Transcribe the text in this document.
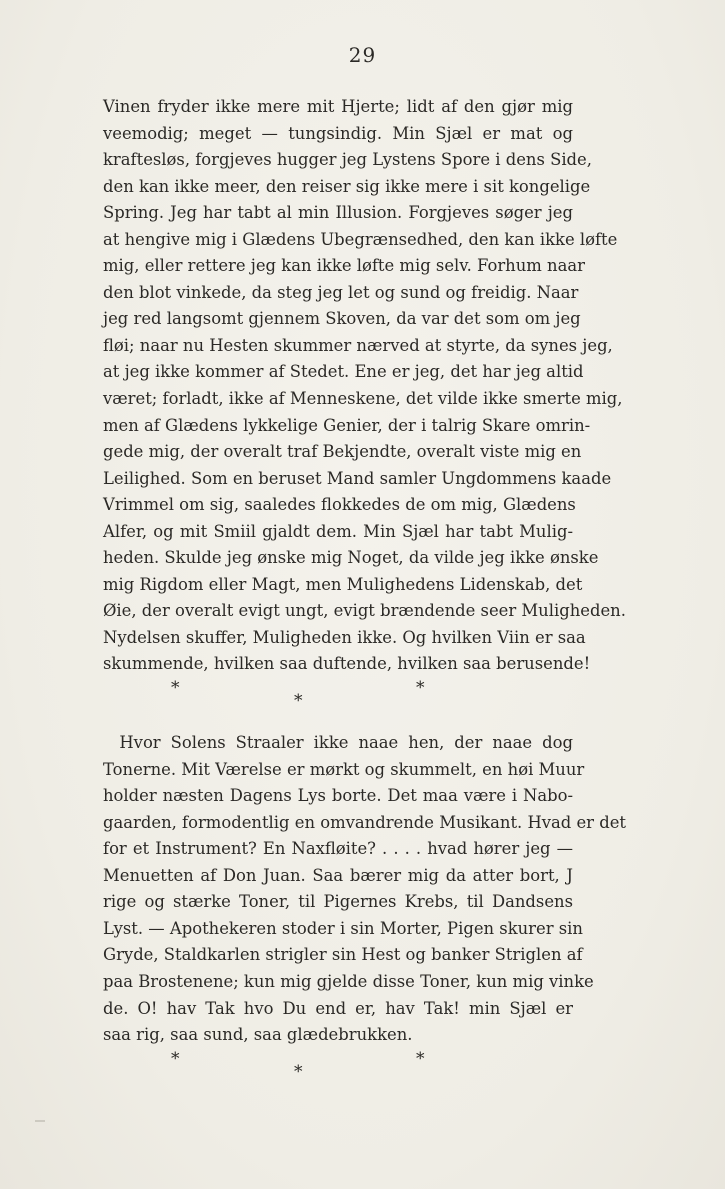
29
Vinen fryder ikke mere mit Hjerte; lidt af den gjør mig
veemodig; meget — tungsindig. Min Sjæl er mat og
kraftesløs, forgjeves hugger jeg Lystens Spore i dens Side,
den kan ikke meer, den reiser sig ikke mere i sit kongelige
Spring. Jeg har tabt al min Illusion. Forgjeves søger jeg
at hengive mig i Glædens Ubegrænsedhed, den kan ikke løfte
mig, eller rettere jeg kan ikke løfte mig selv. Forhum naar
den blot vinkede, da steg jeg let og sund og freidig. Naar
jeg red langsomt gjennem Skoven, da var det som om jeg
fløi; naar nu Hesten skummer nærved at styrte, da synes jeg,
at jeg ikke kommer af Stedet. Ene er jeg, det har jeg altid
været; forladt, ikke af Menneskene, det vilde ikke smerte mig,
men af Glædens lykkelige Genier, der i talrig Skare omrin-
gede mig, der overalt traf Bekjendte, overalt viste mig en
Leilighed. Som en beruset Mand samler Ungdommens kaade
Vrimmel om sig, saaledes flokkedes de om mig, Glædens
Alfer, og mit Smiil gjaldt dem. Min Sjæl har tabt Mulig-
heden. Skulde jeg ønske mig Noget, da vilde jeg ikke ønske
mig Rigdom eller Magt, men Mulighedens Lidenskab, det
Øie, der overalt evigt ungt, evigt brændende seer Muligheden.
Nydelsen skuffer, Muligheden ikke. Og hvilken Viin er saa
skummende, hvilken saa duftende, hvilken saa berusende!
*
*
*
Hvor Solens Straaler ikke naae hen, der naae dog
Tonerne. Mit Værelse er mørkt og skummelt, en høi Muur
holder næsten Dagens Lys borte. Det maa være i Nabo-
gaarden, formodentlig en omvandrende Musikant. Hvad er det
for et Instrument? En Naxfløite? . . . . hvad hører jeg —
Menuetten af Don Juan. Saa bærer mig da atter bort, J
rige og stærke Toner, til Pigernes Krebs, til Dandsens
Lyst. — Apothekeren stoder i sin Morter, Pigen skurer sin
Gryde, Staldkarlen strigler sin Hest og banker Striglen af
paa Brostenene; kun mig gjelde disse Toner, kun mig vinke
de. O! hav Tak hvo Du end er, hav Tak! min Sjæl er
saa rig, saa sund, saa glædebrukken.
*
*
*
